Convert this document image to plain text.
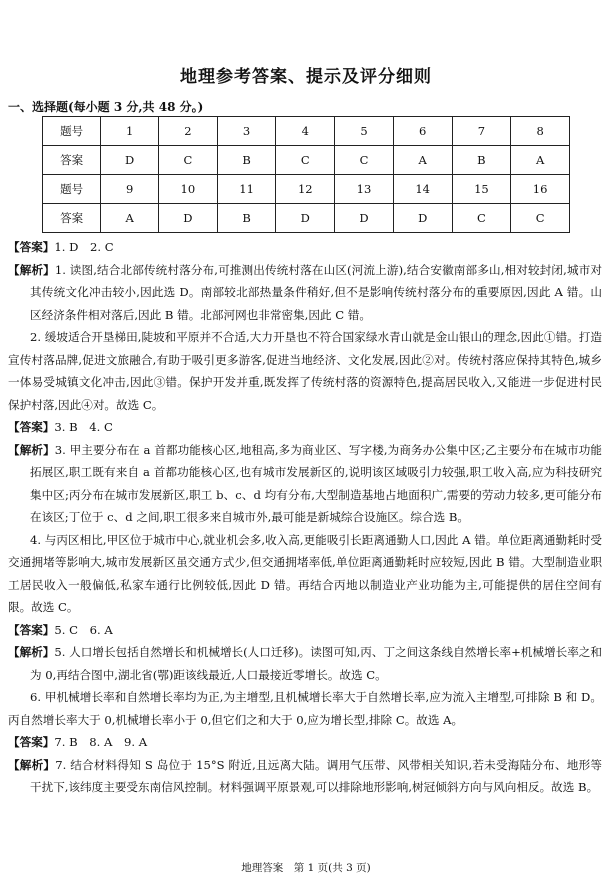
地理参考答案、提示及评分细则
一、选择题(每小题 3 分,共 48 分。)
题号	1	2	3	4	5	6	7	8
答案	D	C	B	C	C	A	B	A
题号	9	10	11	12	13	14	15	16
答案	A	D	B	D	D	D	C	C

【答案】1. D　2. C

【解析】1. 读图,结合北部传统村落分布,可推测出传统村落在山区(河流上游),结合安徽南部多山,相对较封闭,城市对其传统文化冲击较小,因此选 D。南部较北部热量条件稍好,但不是影响传统村落分布的重要原因,因此 A 错。山区经济条件相对落后,因此 B 错。北部河网也非常密集,因此 C 错。

2. 缓坡适合开垦梯田,陡坡和平原并不合适,大力开垦也不符合国家绿水青山就是金山银山的理念,因此①错。打造宣传村落品牌,促进文旅融合,有助于吸引更多游客,促进当地经济、文化发展,因此②对。传统村落应保持其特色,城乡一体易受城镇文化冲击,因此③错。保护开发并重,既发挥了传统村落的资源特色,提高居民收入,又能进一步促进村民保护村落,因此④对。故选 C。

【答案】3. B　4. C

【解析】3. 甲主要分布在 a 首都功能核心区,地租高,多为商业区、写字楼,为商务办公集中区;乙主要分布在城市功能拓展区,职工既有来自 a 首都功能核心区,也有城市发展新区的,说明该区域吸引力较强,职工收入高,应为科技研究集中区;丙分布在城市发展新区,职工 b、c、d 均有分布,大型制造基地占地面积广,需要的劳动力较多,更可能分布在该区;丁位于 c、d 之间,职工很多来自城市外,最可能是新城综合设施区。综合选 B。

4. 与丙区相比,甲区位于城市中心,就业机会多,收入高,更能吸引长距离通勤人口,因此 A 错。单位距离通勤耗时受交通拥堵等影响大,城市发展新区虽交通方式少,但交通拥堵率低,单位距离通勤耗时应较短,因此 B 错。大型制造业职工居民收入一般偏低,私家车通行比例较低,因此 D 错。再结合丙地以制造业产业功能为主,可能提供的居住空间有限。故选 C。

【答案】5. C　6. A

【解析】5. 人口增长包括自然增长和机械增长(人口迁移)。读图可知,丙、丁之间这条线自然增长率+机械增长率之和为 0,再结合图中,湖北省(鄂)距该线最近,人口最接近零增长。故选 C。

6. 甲机械增长率和自然增长率均为正,为主增型,且机械增长率大于自然增长率,应为流入主增型,可排除 B 和 D。丙自然增长率大于 0,机械增长率小于 0,但它们之和大于 0,应为增长型,排除 C。故选 A。

【答案】7. B　8. A　9. A

【解析】7. 结合材料得知 S 岛位于 15°S 附近,且远离大陆。调用气压带、风带相关知识,若未受海陆分布、地形等干扰下,该纬度主要受东南信风控制。材料强调平原景观,可以排除地形影响,树冠倾斜方向与风向相反。故选 B。

地理答案　第 1 页(共 3 页)
